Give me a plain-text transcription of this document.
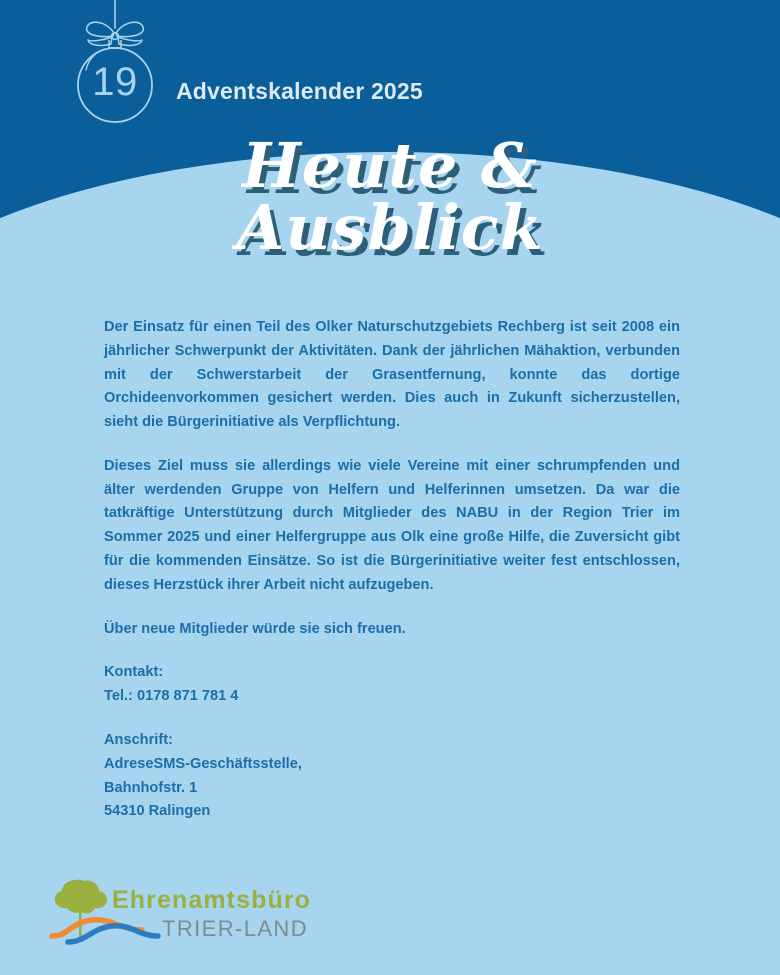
19	Adventskalender 2025
Heute &
Ausblick

Der Einsatz für einen Teil des Olker Naturschutzgebiets Rechberg ist seit 2008 ein jährlicher Schwerpunkt der Aktivitäten. Dank der jährlichen Mähaktion, verbunden mit der Schwerstarbeit der Grasentfernung, konnte das dortige Orchideenvorkommen gesichert werden. Dies auch in Zukunft sicherzustellen, sieht die Bürgerinitiative als Verpflichtung.

Dieses Ziel muss sie allerdings wie viele Vereine mit einer schrumpfenden und älter werdenden Gruppe von Helfern und Helferinnen umsetzen. Da war die tatkräftige Unterstützung durch Mitglieder des NABU in der Region Trier im Sommer 2025 und einer Helfergruppe aus Olk eine große Hilfe, die Zuversicht gibt für die kommenden Einsätze. So ist die Bürgerinitiative weiter fest entschlossen, dieses Herzstück ihrer Arbeit nicht aufzugeben.

Über neue Mitglieder würde sie sich freuen.

Kontakt:
Tel.: 0178 871 781 4
Anschrift:
AdreseSMS-Geschäftsstelle,
Bahnhofstr. 1
54310 Ralingen
Ehrenamtsbüro
TRIER-LAND
